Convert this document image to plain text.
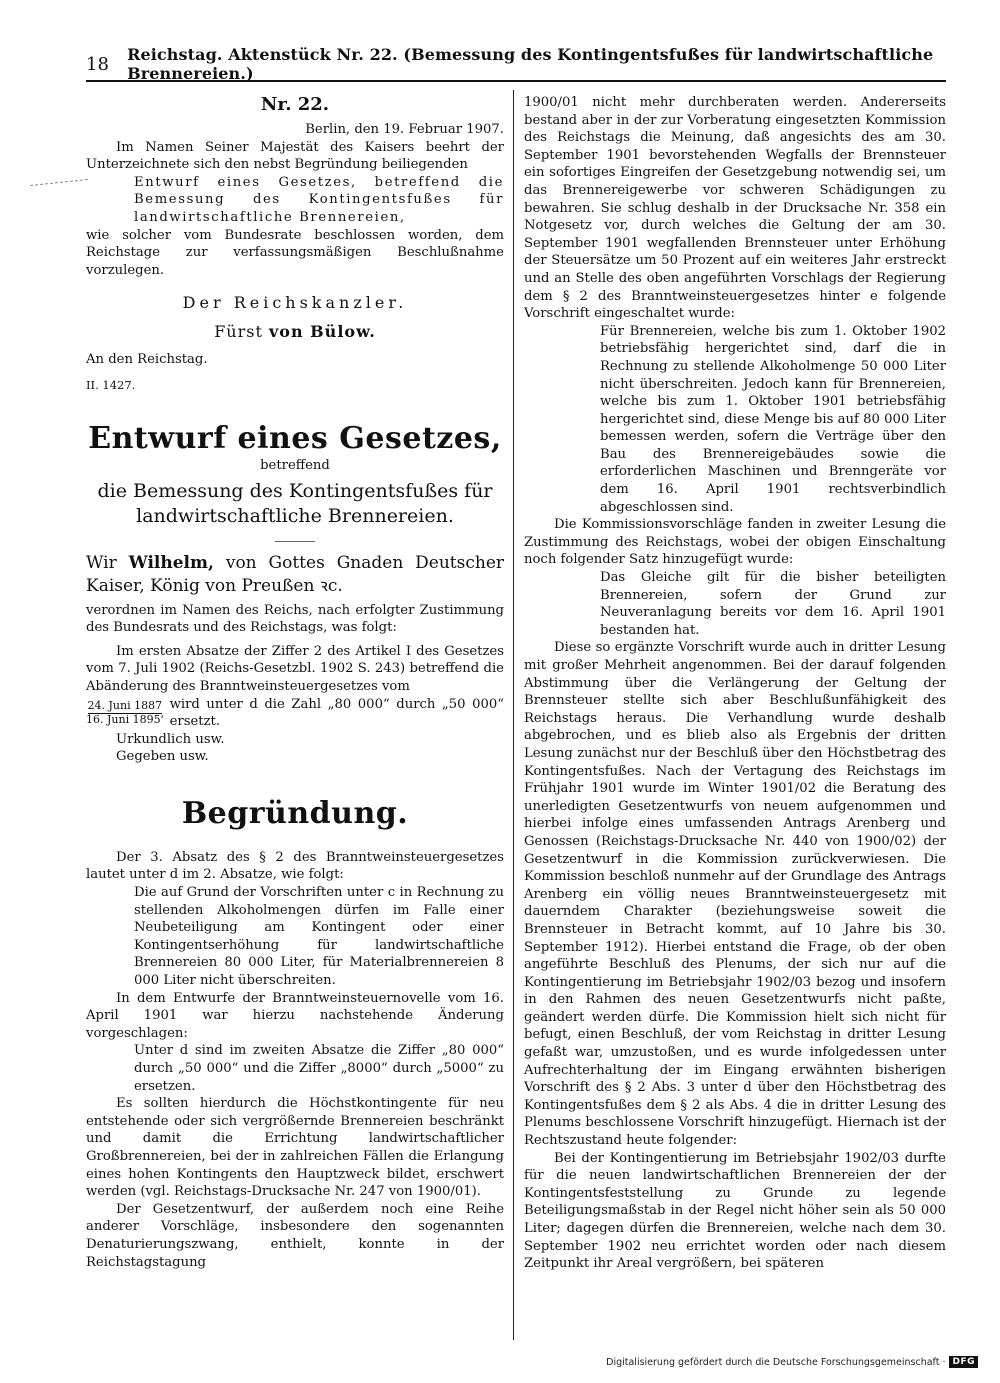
18 Reichstag. Aktenstück Nr. 22. (Bemessung des Kontingentsfußes für landwirtschaftliche Brennereien.)
Nr. 22.
Berlin, den 19. Februar 1907.
Im Namen Seiner Majestät des Kaisers beehrt der Unterzeichnete sich den nebst Begründung beiliegenden
Entwurf eines Gesetzes, betreffend die Bemessung des Kontingentsfußes für landwirtschaftliche Brennereien,
wie solcher vom Bundesrate beschlossen worden, dem Reichstage zur verfassungsmäßigen Beschlußnahme vorzulegen.
Der Reichskanzler.
Fürst von Bülow.
An den Reichstag.
II. 1427.
Entwurf eines Gesetzes,
betreffend
die Bemessung des Kontingentsfußes für landwirtschaftliche Brennereien.
Wir Wilhelm, von Gottes Gnaden Deutscher Kaiser, König von Preußen ꝛc.
verordnen im Namen des Reichs, nach erfolgter Zustimmung des Bundesrats und des Reichstags, was folgt:
Im ersten Absatze der Ziffer 2 des Artikel I des Gesetzes vom 7. Juli 1902 (Reichs-Gesetzbl. 1902 S. 243) betreffend die Abänderung des Branntweinsteuergesetzes vom
$\frac{\text{24. Juni 1887}}{\text{16. Juni 1895'}}$ wird unter d die Zahl „80 000“ durch „50 000“ ersetzt.
Urkundlich usw.
Gegeben usw.
Begründung.
Der 3. Absatz des § 2 des Branntweinsteuergesetzes lautet unter d im 2. Absatze, wie folgt:
Die auf Grund der Vorschriften unter c in Rechnung zu stellenden Alkoholmengen dürfen im Falle einer Neubeteiligung am Kontingent oder einer Kontingentserhöhung für landwirtschaftliche Brennereien 80 000 Liter, für Materialbrennereien 8 000 Liter nicht überschreiten.
In dem Entwurfe der Branntweinsteuernovelle vom 16. April 1901 war hierzu nachstehende Änderung vorgeschlagen:
Unter d sind im zweiten Absatze die Ziffer „80 000“ durch „50 000“ und die Ziffer „8000“ durch „5000“ zu ersetzen.
Es sollten hierdurch die Höchstkontingente für neu entstehende oder sich vergrößernde Brennereien beschränkt und damit die Errichtung landwirtschaftlicher Großbrennereien, bei der in zahlreichen Fällen die Erlangung eines hohen Kontingents den Hauptzweck bildet, erschwert werden (vgl. Reichstags-Drucksache Nr. 247 von 1900/01).
Der Gesetzentwurf, der außerdem noch eine Reihe anderer Vorschläge, insbesondere den sogenannten Denaturierungszwang, enthielt, konnte in der Reichstagstagung
1900/01 nicht mehr durchberaten werden. Andererseits bestand aber in der zur Vorberatung eingesetzten Kommission des Reichstags die Meinung, daß angesichts des am 30. September 1901 bevorstehenden Wegfalls der Brennsteuer ein sofortiges Eingreifen der Gesetzgebung notwendig sei, um das Brennereigewerbe vor schweren Schädigungen zu bewahren. Sie schlug deshalb in der Drucksache Nr. 358 ein Notgesetz vor, durch welches die Geltung der am 30. September 1901 wegfallenden Brennsteuer unter Erhöhung der Steuersätze um 50 Prozent auf ein weiteres Jahr erstreckt und an Stelle des oben angeführten Vorschlags der Regierung dem § 2 des Branntweinsteuergesetzes hinter e folgende Vorschrift eingeschaltet wurde:
Für Brennereien, welche bis zum 1. Oktober 1902 betriebsfähig hergerichtet sind, darf die in Rechnung zu stellende Alkoholmenge 50 000 Liter nicht überschreiten. Jedoch kann für Brennereien, welche bis zum 1. Oktober 1901 betriebsfähig hergerichtet sind, diese Menge bis auf 80 000 Liter bemessen werden, sofern die Verträge über den Bau des Brennereigebäudes sowie die erforderlichen Maschinen und Brenngeräte vor dem 16. April 1901 rechtsverbindlich abgeschlossen sind.
Die Kommissionsvorschläge fanden in zweiter Lesung die Zustimmung des Reichstags, wobei der obigen Einschaltung noch folgender Satz hinzugefügt wurde:
Das Gleiche gilt für die bisher beteiligten Brennereien, sofern der Grund zur Neuveranlagung bereits vor dem 16. April 1901 bestanden hat.
Diese so ergänzte Vorschrift wurde auch in dritter Lesung mit großer Mehrheit angenommen. Bei der darauf folgenden Abstimmung über die Verlängerung der Geltung der Brennsteuer stellte sich aber Beschlußunfähigkeit des Reichstags heraus. Die Verhandlung wurde deshalb abgebrochen, und es blieb also als Ergebnis der dritten Lesung zunächst nur der Beschluß über den Höchstbetrag des Kontingentsfußes. Nach der Vertagung des Reichstags im Frühjahr 1901 wurde im Winter 1901/02 die Beratung des unerledigten Gesetzentwurfs von neuem aufgenommen und hierbei infolge eines umfassenden Antrags Arenberg und Genossen (Reichstags-Drucksache Nr. 440 von 1900/02) der Gesetzentwurf in die Kommission zurückverwiesen. Die Kommission beschloß nunmehr auf der Grundlage des Antrags Arenberg ein völlig neues Branntweinsteuergesetz mit dauerndem Charakter (beziehungsweise soweit die Brennsteuer in Betracht kommt, auf 10 Jahre bis 30. September 1912). Hierbei entstand die Frage, ob der oben angeführte Beschluß des Plenums, der sich nur auf die Kontingentierung im Betriebsjahr 1902/03 bezog und insofern in den Rahmen des neuen Gesetzentwurfs nicht paßte, geändert werden dürfe. Die Kommission hielt sich nicht für befugt, einen Beschluß, der vom Reichstag in dritter Lesung gefaßt war, umzustoßen, und es wurde infolgedessen unter Aufrechterhaltung der im Eingang erwähnten bisherigen Vorschrift des § 2 Abs. 3 unter d über den Höchstbetrag des Kontingentsfußes dem § 2 als Abs. 4 die in dritter Lesung des Plenums beschlossene Vorschrift hinzugefügt. Hiernach ist der Rechtszustand heute folgender:
Bei der Kontingentierung im Betriebsjahr 1902/03 durfte für die neuen landwirtschaftlichen Brennereien der der Kontingentsfeststellung zu Grunde zu legende Beteiligungsmaßstab in der Regel nicht höher sein als 50 000 Liter; dagegen dürfen die Brennereien, welche nach dem 30. September 1902 neu errichtet worden oder nach diesem Zeitpunkt ihr Areal vergrößern, bei späteren
Digitalisierung gefördert durch die Deutsche Forschungsgemeinschaft · DFG
